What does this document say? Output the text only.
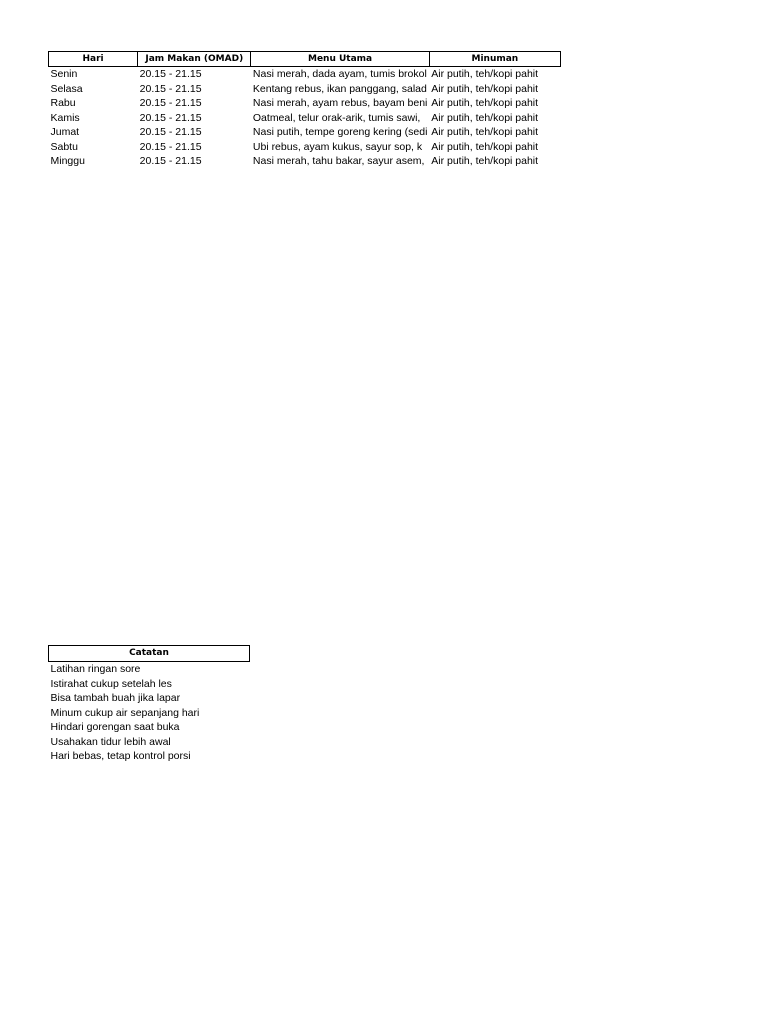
Hari	Jam Makan (OMAD)	Menu Utama	Minuman
Senin	20.15 - 21.15	Nasi merah, dada ayam, tumis brokol	Air putih, teh/kopi pahit
Selasa	20.15 - 21.15	Kentang rebus, ikan panggang, salad	Air putih, teh/kopi pahit
Rabu	20.15 - 21.15	Nasi merah, ayam rebus, bayam beni	Air putih, teh/kopi pahit
Kamis	20.15 - 21.15	Oatmeal, telur orak-arik, tumis sawi,	Air putih, teh/kopi pahit
Jumat	20.15 - 21.15	Nasi putih, tempe goreng kering (sedi	Air putih, teh/kopi pahit
Sabtu	20.15 - 21.15	Ubi rebus, ayam kukus, sayur sop, k	Air putih, teh/kopi pahit
Minggu	20.15 - 21.15	Nasi merah, tahu bakar, sayur asem,	Air putih, teh/kopi pahit
Catatan
Latihan ringan sore
Istirahat cukup setelah les
Bisa tambah buah jika lapar
Minum cukup air sepanjang hari
Hindari gorengan saat buka
Usahakan tidur lebih awal
Hari bebas, tetap kontrol porsi
